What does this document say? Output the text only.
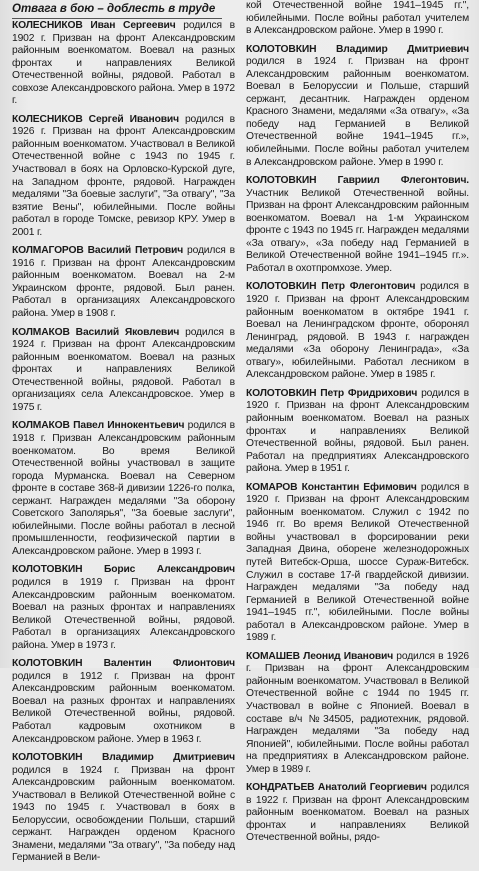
Отвага в бою – доблесть в труде

КОЛЕСНИКОВ Иван Сергеевич родился в 1902 г. Призван на фронт Александровским районным военкоматом. Воевал на разных фронтах и направлениях Великой Отечественной войны, рядовой. Работал в совхозе Александровского района. Умер в 1972 г.

КОЛЕСНИКОВ Сергей Иванович родился в 1926 г. Призван на фронт Александровским районным военкоматом. Участвовал в Великой Отечественной войне с 1943 по 1945 г. Участвовал в боях на Орловско-Курской дуге, на Западном фронте, рядовой. Награжден медалями "За боевые заслуги", "За отвагу", "За взятие Вены", юбилейными. После войны работал в городе Томске, ревизор КРУ. Умер в 2001 г.

КОЛМАГОРОВ Василий Петрович родился в 1916 г. Призван на фронт Александровским районным военкоматом. Воевал на 2-м Украинском фронте, рядовой. Был ранен. Работал в организациях Александровского района. Умер в 1908 г.

КОЛМАКОВ Василий Яковлевич родился в 1924 г. Призван на фронт Александровским районным военкоматом. Воевал на разных фронтах и направлениях Великой Отечественной войны, рядовой. Работал в организациях села Александровское. Умер в 1975 г.

КОЛМАКОВ Павел Иннокентьевич родился в 1918 г. Призван Александровским районным военкоматом. Во время Великой Отечественной войны участвовал в защите города Мурманска. Воевал на Северном фронте в составе 368-й дивизии 1226-го полка, сержант. Награжден медалями "За оборону Советского Заполярья", "За боевые заслуги", юбилейными. После войны работал в лесной промышленности, геофизической партии в Александровском районе. Умер в 1993 г.

КОЛОТОВКИН Борис Александрович родился в 1919 г. Призван на фронт Александровским районным военкоматом. Воевал на разных фронтах и направлениях Великой Отечественной войны, рядовой. Работал в организациях Александровского района. Умер в 1973 г.

КОЛОТОВКИН Валентин Флионтович родился в 1912 г. Призван на фронт Александровским районным военкоматом. Воевал на разных фронтах и направлениях Великой Отечественной войны, рядовой. Работал кадровым охотником в Александровском районе. Умер в 1963 г.

КОЛОТОВКИН Владимир Дмитриевич родился в 1924 г. Призван на фронт Александровским районным военкоматом. Участвовал в Великой Отечественной войне с 1943 по 1945 г. Участвовал в боях в Белоруссии, освобождении Польши, старший сержант. Награжден орденом Красного Знамени, медалями "За отвагу", "За победу над Германией в Вели-

кой Отечественной войне 1941–1945 гг.", юбилейными. После войны работал учителем в Александровском районе. Умер в 1990 г.

КОЛОТОВКИН Владимир Дмитриевич родился в 1924 г. Призван на фронт Александровским районным военкоматом. Воевал в Белоруссии и Польше, старший сержант, десантник. Награжден орденом Красного Знамени, медалями «За отвагу», «За победу над Германией в Великой Отечественной войне 1941–1945 гг.», юбилейными. После войны работал учителем в Александровском районе. Умер в 1990 г.

КОЛОТОВКИН Гавриил Флегонтович. Участник Великой Отечественной войны. Призван на фронт Александровским районным военкоматом. Воевал на 1-м Украинском фронте с 1943 по 1945 гг. Награжден медалями «За отвагу», «За победу над Германией в Великой Отечественной войне 1941–1945 гг.». Работал в охотпромхозе. Умер.

КОЛОТОВКИН Петр Флегонтович родился в 1920 г. Призван на фронт Александровским районным военкоматом в октябре 1941 г. Воевал на Ленинградском фронте, оборонял Ленинград, рядовой. В 1943 г. награжден медалями «За оборону Ленинграда», «За отвагу», юбилейными. Работал лесником в Александровском районе. Умер в 1985 г.

КОЛОТОВКИН Петр Фридрихович родился в 1920 г. Призван на фронт Александровским районным военкоматом. Воевал на разных фронтах и направлениях Великой Отечественной войны, рядовой. Был ранен. Работал на предприятиях Александровского района. Умер в 1951 г.

КОМАРОВ Константин Ефимович родился в 1920 г. Призван на фронт Александровским районным военкоматом. Служил с 1942 по 1946 гг. Во время Великой Отечественной войны участвовал в форсировании реки Западная Двина, оборене железнодорожных путей Витебск-Орша, шоссе Сураж-Витебск. Служил в составе 17-й гвардейской дивизии. Награжден медалями "За победу над Германией в Великой Отечественной войне 1941–1945 гг.", юбилейными. После войны работал в Александровском районе. Умер в 1989 г.

КОМАШЕВ Леонид Иванович родился в 1926 г. Призван на фронт Александровским районным военкоматом. Участвовал в Великой Отечественной войне с 1944 по 1945 гг. Участвовал в войне с Японией. Воевал в составе в/ч №34505, радиотехник, рядовой. Награжден медалями "За победу над Японией", юбилейными. После войны работал на предприятиях в Александровском районе. Умер в 1989 г.

КОНДРАТЬЕВ Анатолий Георгиевич родился в 1922 г. Призван на фронт Александровским районным военкоматом. Воевал на разных фронтах и направлениях Великой Отечественной войны, рядо-
